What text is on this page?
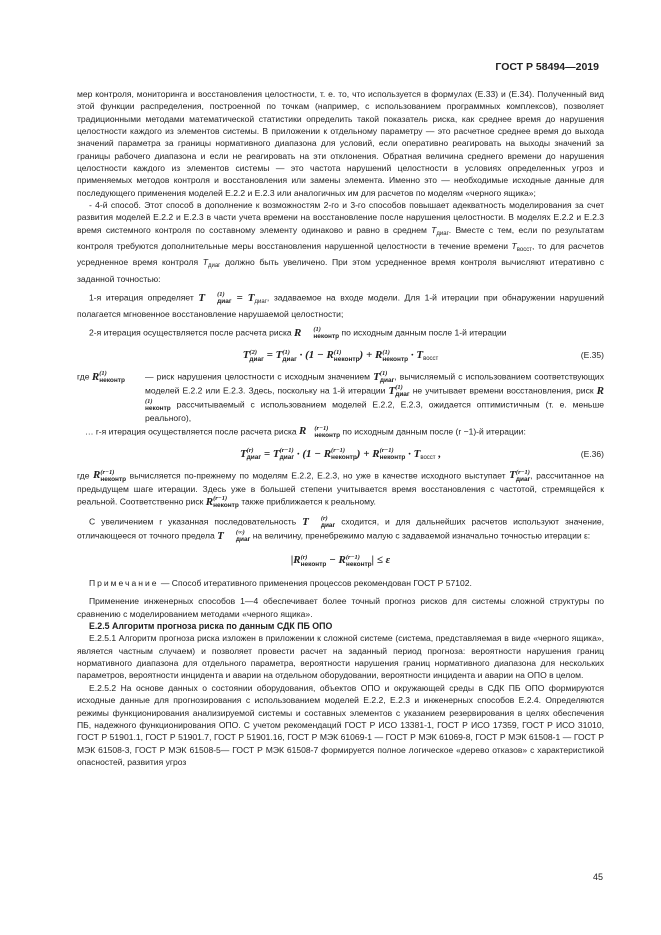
ГОСТ Р 58494—2019

мер контроля, мониторинга и восстановления целостности, т. е. то, что используется в формулах (Е.33) и (Е.34). Полученный вид этой функции распределения, построенной по точкам (например, с использованием программных комплексов), позволяет традиционными методами математической статистики определить такой показатель риска, как среднее время до нарушения целостности каждого из элементов системы. В приложении к отдельному параметру — это расчетное среднее время до выхода значений параметра за границы нормативного диапазона для условий, если оперативно реагировать на выходы значений за границы рабочего диапазона и если не реагировать на эти отклонения. Обратная величина среднего времени до нарушения целостности каждого из элементов системы — это частота нарушений целостности в условиях определенных угроз и применяемых методов контроля и восстановления или замены элемента. Именно это — необходимые исходные данные для последующего применения моделей Е.2.2 и Е.2.3 или аналогичных им для расчетов по моделям «черного ящика»;

- 4-й способ. Этот способ в дополнение к возможностям 2-го и 3-го способов повышает адекватность моделирования за счет развития моделей Е.2.2 и Е.2.3 в части учета времени на восстановление после нарушения целостности. В моделях Е.2.2 и Е.2.3 время системного контроля по составному элементу одинаково и равно в среднем $T_{диаг}$. Вместе с тем, если по результатам контроля требуются дополнительные меры восстановления нарушенной целостности в течение времени $T_{восст}$, то для расчетов усредненное время контроля $T_{диаг}$ должно быть увеличено. При этом усредненное время контроля вычисляют итеративно с заданной точностью:

1-я итерация определяет T	(1)
диаг = Tдиаг, задаваемое на входе модели. Для 1-й итерации при обнаружении нарушений полагается мгновенное восстановление нарушаемой целостности;

2-я итерация осуществляется после расчета риска R	(1)
неконтр по исходным данным после 1-й итерации

T (2)
диаг = T (1)
диаг · (1 − R (1)
неконтр ) + R (1)
неконтр · Tвосст	(Е.35)
где R (1)
неконтр — риск нарушения целостности с исходным значением T (1)
диаг , вычисляемый с использованием соответствующих моделей Е.2.2 или Е.2.3. Здесь, поскольку на 1-й итерации T (1)
диаг не учитывает времени восстановления, риск R
(1)
неконтр рассчитываемый с использованием моделей Е.2.2, Е.2.3, ожидается оптимистичным (т. е. меньше реального),

… r-я итерация осуществляется после расчета риска R	(r−1)
неконтр по исходным данным после (r −1)-й итерации:

T (r)
диаг = T (r−1)
диаг · (1 − R (r−1)
неконтр ) + R (r−1)
неконтр · Tвосст ,	(Е.36)

где R (r−1)
неконтр вычисляется по-прежнему по моделям Е.2.2, Е.2.3, но уже в качестве исходного выступает T (r−1)
диаг , рассчитанное на предыдущем шаге итерации. Здесь уже в большей степени учитывается время восстановления с частотой, стремящейся к реальной. Соответственно риск R (r−1)
неконтр также приближается к реальному.

С увеличением r указанная последовательность T	(r)
диаг сходится, и для дальнейших расчетов используют значение, отличающееся от точного предела T	(∞)
диаг на величину, пренебрежимо малую с задаваемой изначально точностью итерации ε:

|R (r)
неконтр − R (r−1)
неконтр | ≤ ε

Примечание — Способ итеративного применения процессов рекомендован ГОСТ Р 57102.

Применение инженерных способов 1—4 обеспечивает более точный прогноз рисков для системы сложной структуры по сравнению с моделированием методами «черного ящика».

Е.2.5 Алгоритм прогноза риска по данным СДК ПБ ОПО

Е.2.5.1 Алгоритм прогноза риска изложен в приложении к сложной системе (система, представляемая в виде «черного ящика», является частным случаем) и позволяет провести расчет на заданный период прогноза: вероятности нарушения границ нормативного диапазона для отдельного параметра, вероятности нарушения границ нормативного диапазона для нескольких параметров, вероятности инцидента и аварии на отдельном оборудовании, вероятности инцидента и аварии на ОПО в целом.

Е.2.5.2 На основе данных о состоянии оборудования, объектов ОПО и окружающей среды в СДК ПБ ОПО формируются исходные данные для прогнозирования с использованием моделей Е.2.2, Е.2.3 и инженерных способов Е.2.4. Определяются режимы функционирования анализируемой системы и составных элементов с указанием резервирования в целях обеспечения ПБ, надежного функционирования ОПО. С учетом рекомендаций ГОСТ Р ИСО 13381-1, ГОСТ Р ИСО 17359, ГОСТ Р ИСО 31010, ГОСТ Р 51901.1, ГОСТ Р 51901.7, ГОСТ Р 51901.16, ГОСТ Р МЭК 61069-1 — ГОСТ Р МЭК 61069-8, ГОСТ Р МЭК 61508-1 — ГОСТ Р МЭК 61508-3, ГОСТ Р МЭК 61508-5— ГОСТ Р МЭК 61508-7 формируется полное логическое «дерево отказов» с характеристикой опасностей, развития угроз

45
